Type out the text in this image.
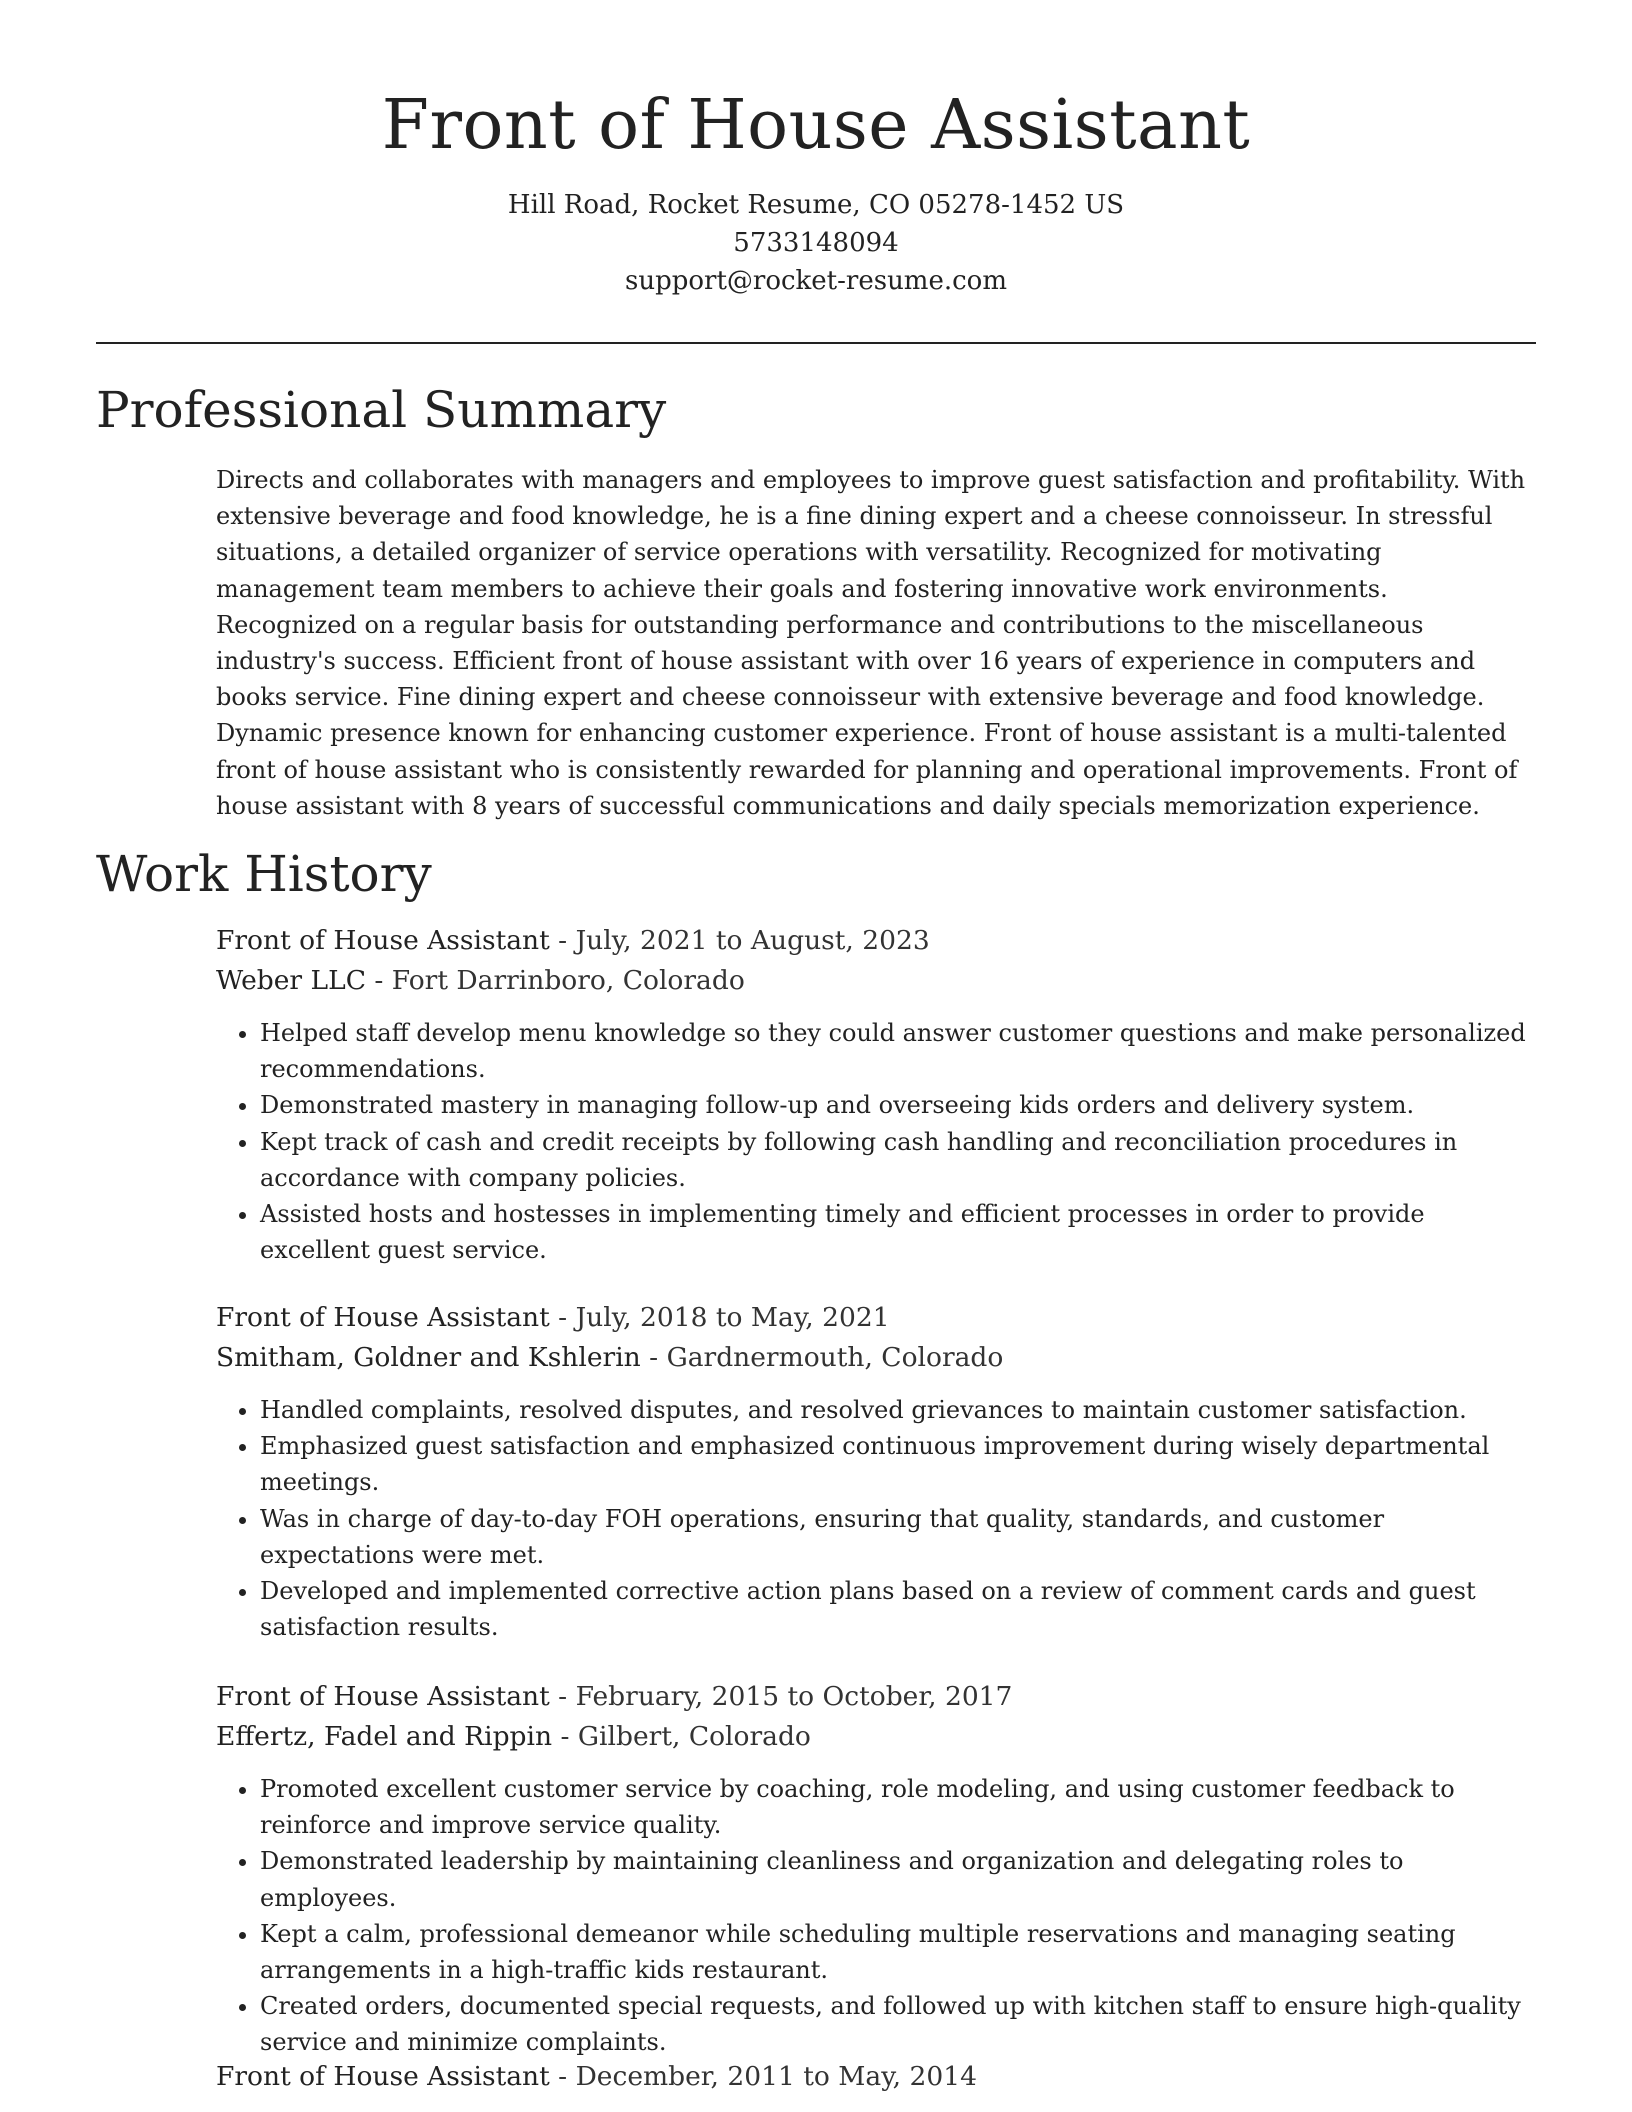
Front of House Assistant

Hill Road, Rocket Resume, CO 05278-1452 US

5733148094

support@rocket-resume.com

Professional Summary

Directs and collaborates with managers and employees to improve guest satisfaction and profitability. With extensive beverage and food knowledge, he is a fine dining expert and a cheese connoisseur. In stressful situations, a detailed organizer of service operations with versatility. Recognized for motivating management team members to achieve their goals and fostering innovative work environments. Recognized on a regular basis for outstanding performance and contributions to the miscellaneous industry's success. Efficient front of house assistant with over 16 years of experience in computers and books service. Fine dining expert and cheese connoisseur with extensive beverage and food knowledge. Dynamic presence known for enhancing customer experience. Front of house assistant is a multi-talented front of house assistant who is consistently rewarded for planning and operational improvements. Front of house assistant with 8 years of successful communications and daily specials memorization experience.

Work History

Front of House Assistant - July, 2021 to August, 2023

Weber LLC - Fort Darrinboro, Colorado

• Helped staff develop menu knowledge so they could answer customer questions and make personalized recommendations.
• Demonstrated mastery in managing follow-up and overseeing kids orders and delivery system.
• Kept track of cash and credit receipts by following cash handling and reconciliation procedures in accordance with company policies.
• Assisted hosts and hostesses in implementing timely and efficient processes in order to provide excellent guest service.

Front of House Assistant - July, 2018 to May, 2021

Smitham, Goldner and Kshlerin - Gardnermouth, Colorado

• Handled complaints, resolved disputes, and resolved grievances to maintain customer satisfaction.
• Emphasized guest satisfaction and emphasized continuous improvement during wisely departmental meetings.
• Was in charge of day-to-day FOH operations, ensuring that quality, standards, and customer expectations were met.
• Developed and implemented corrective action plans based on a review of comment cards and guest satisfaction results.

Front of House Assistant - February, 2015 to October, 2017

Effertz, Fadel and Rippin - Gilbert, Colorado

• Promoted excellent customer service by coaching, role modeling, and using customer feedback to reinforce and improve service quality.
• Demonstrated leadership by maintaining cleanliness and organization and delegating roles to employees.
• Kept a calm, professional demeanor while scheduling multiple reservations and managing seating arrangements in a high-traffic kids restaurant.
• Created orders, documented special requests, and followed up with kitchen staff to ensure high-quality service and minimize complaints.

Front of House Assistant - December, 2011 to May, 2014
